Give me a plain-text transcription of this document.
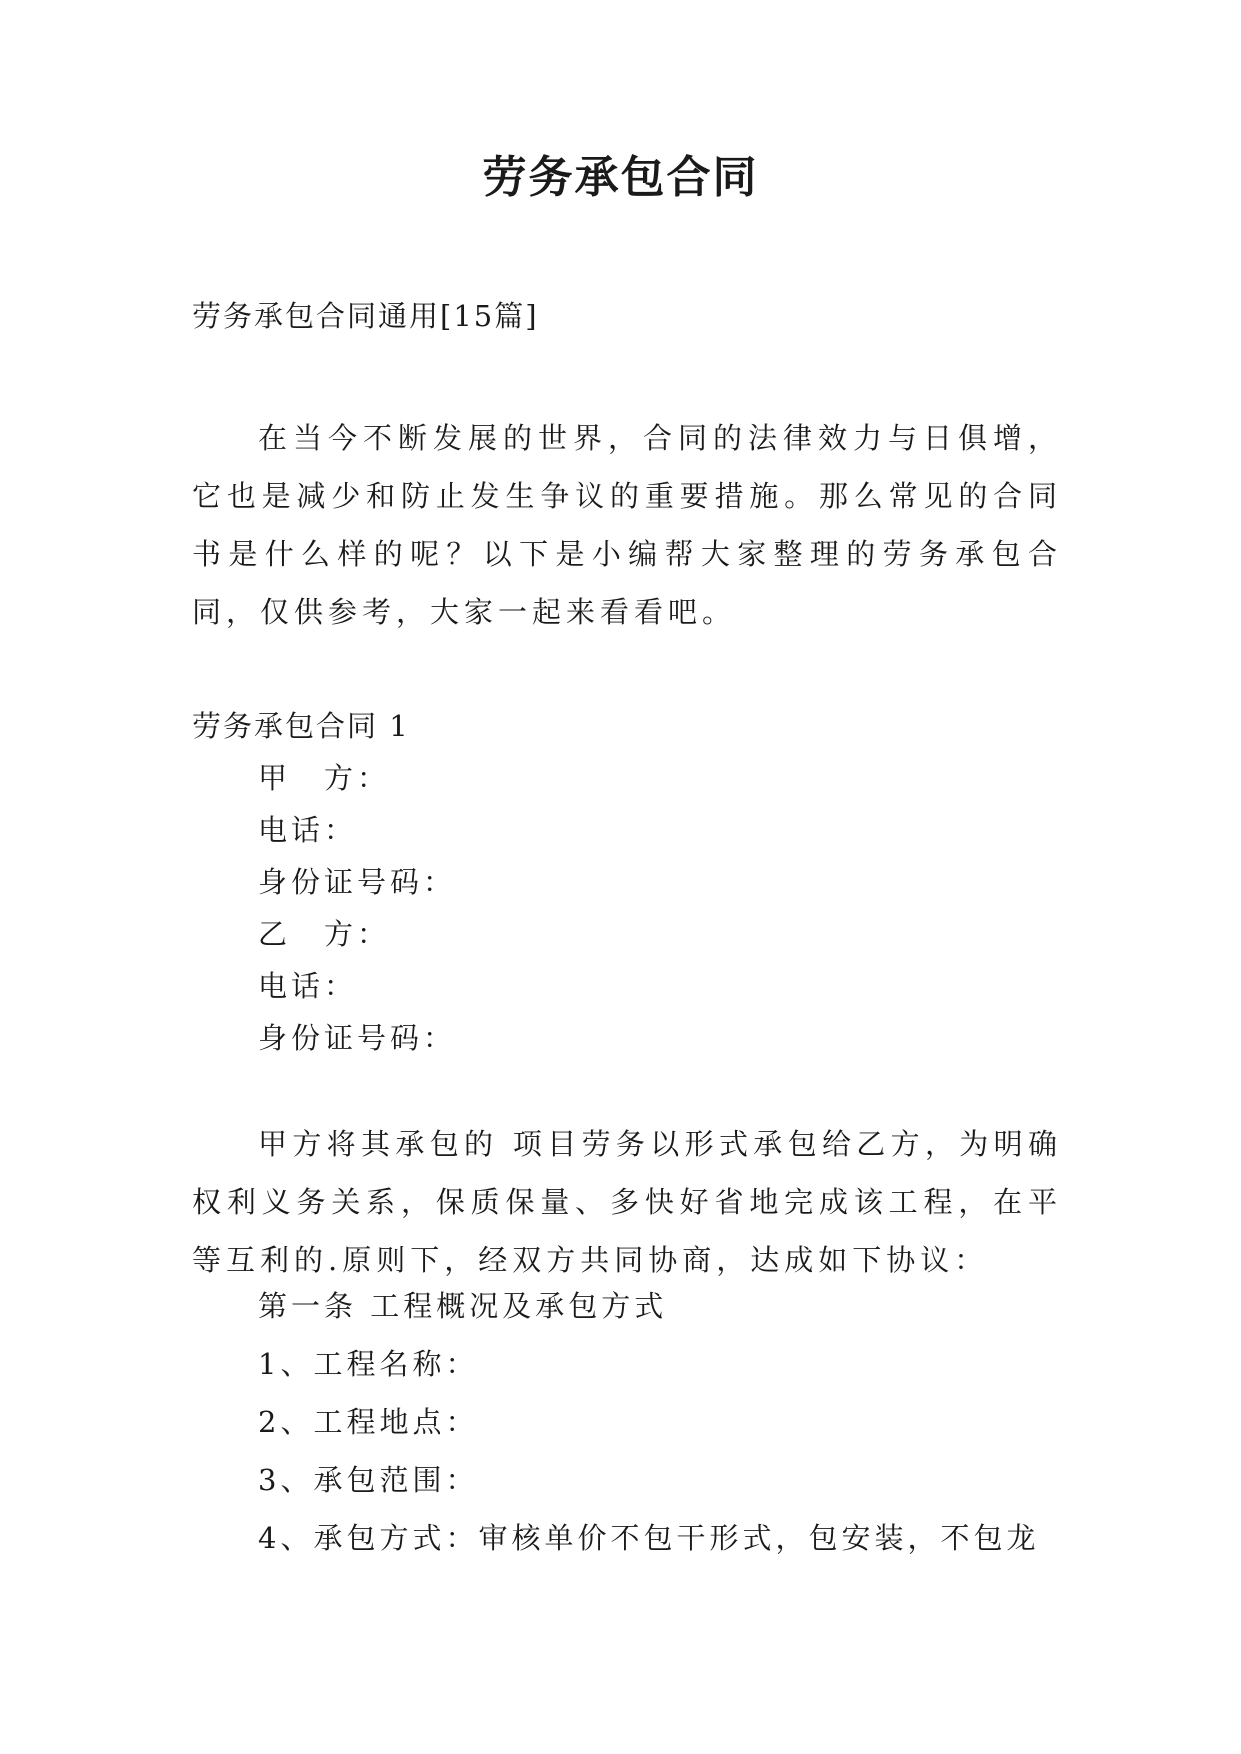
劳务承包合同

劳务承包合同通用[15篇]

在当今不断发展的世界，合同的法律效力与日俱增，它也是减少和防止发生争议的重要措施。那么常见的合同书是什么样的呢？以下是小编帮大家整理的劳务承包合同，仅供参考，大家一起来看看吧。

劳务承包合同 1

甲　方：

电话：

身份证号码：

乙　方：

电话：

身份证号码：

甲方将其承包的 项目劳务以形式承包给乙方，为明确权利义务关系，保质保量、多快好省地完成该工程，在平等互利的.原则下，经双方共同协商，达成如下协议：

第一条 工程概况及承包方式

1、工程名称：

2、工程地点：

3、承包范围：

4、承包方式：审核单价不包干形式，包安装，不包龙
